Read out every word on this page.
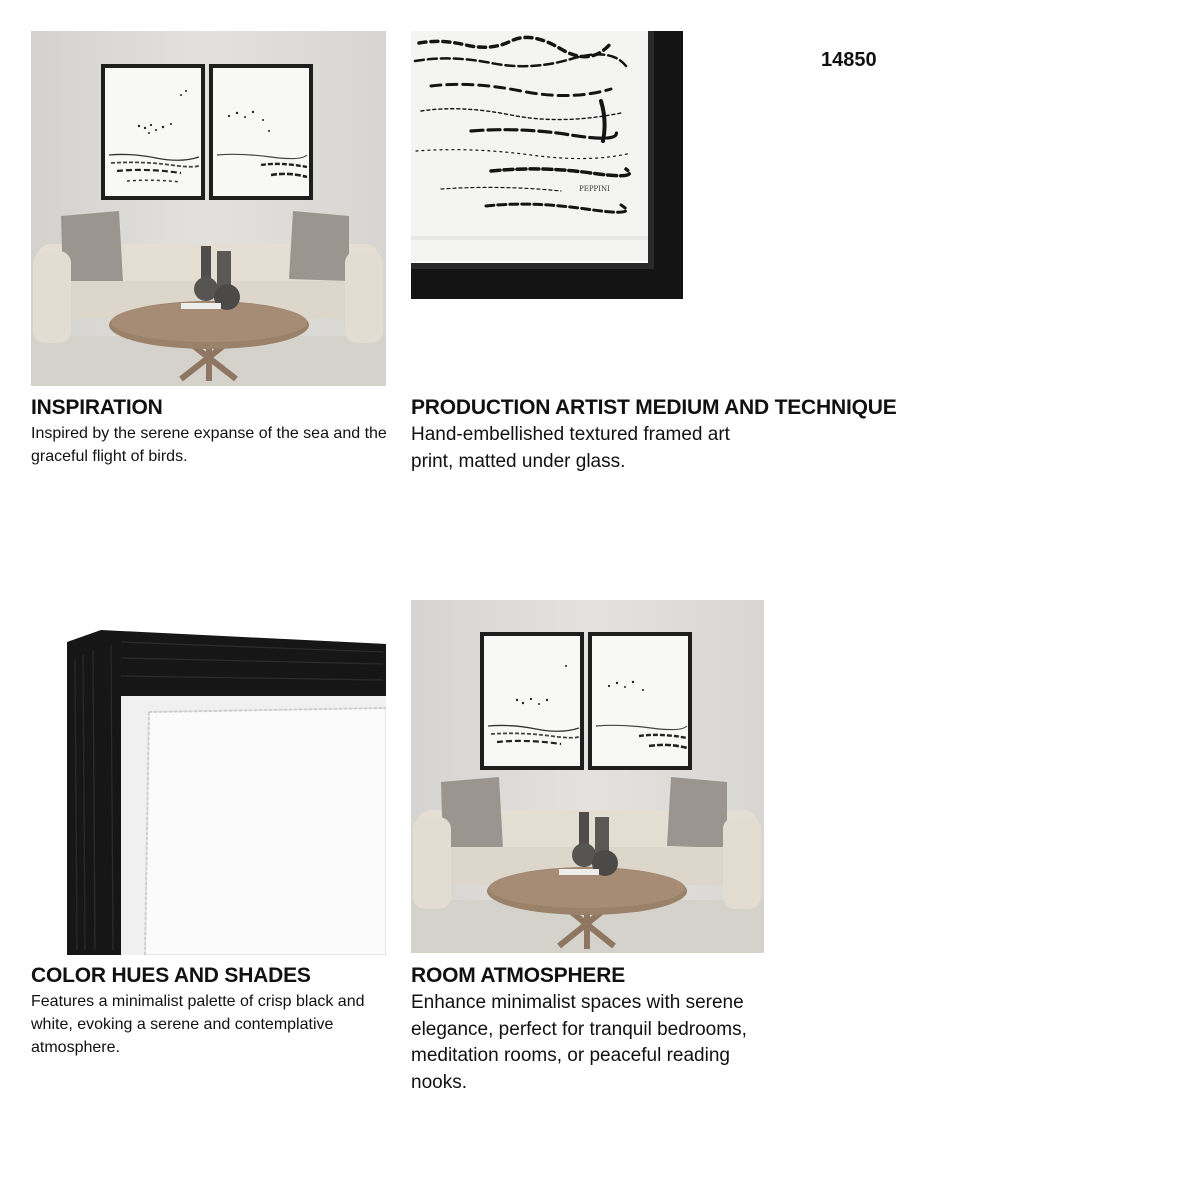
PEPPINI
14850
INSPIRATION

Inspired by the serene expanse of the sea and the graceful flight of birds.

PRODUCTION ARTIST MEDIUM AND TECHNIQUE

Hand-embellished textured framed art print, matted under glass.

COLOR HUES AND SHADES

Features a minimalist palette of crisp black and white, evoking a serene and contemplative atmosphere.

ROOM ATMOSPHERE

Enhance minimalist spaces with serene elegance, perfect for tranquil bedrooms, meditation rooms, or peaceful reading nooks.
